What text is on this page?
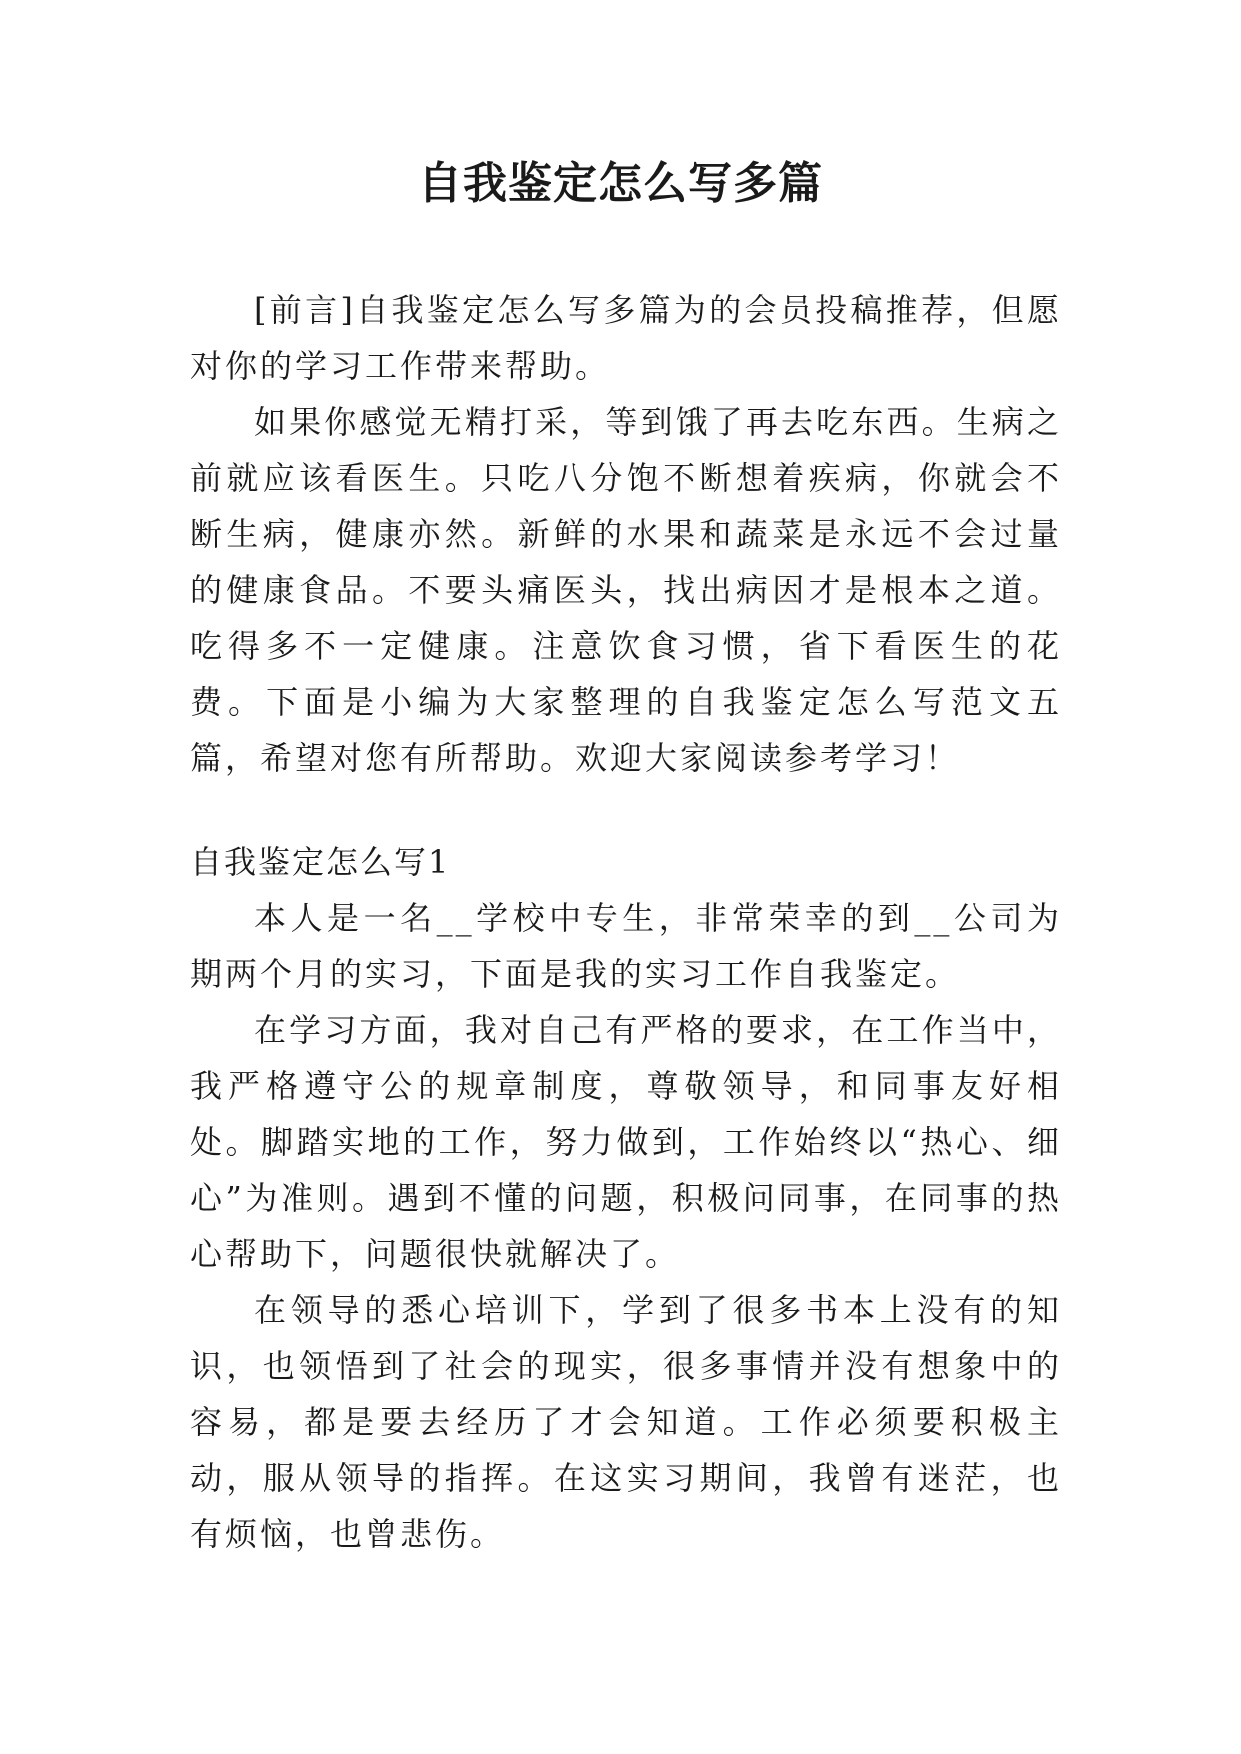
自我鉴定怎么写多篇

[前言]自我鉴定怎么写多篇为的会员投稿推荐，但愿对你的学习工作带来帮助。

如果你感觉无精打采，等到饿了再去吃东西。生病之前就应该看医生。只吃八分饱不断想着疾病，你就会不断生病，健康亦然。新鲜的水果和蔬菜是永远不会过量的健康食品。不要头痛医头，找出病因才是根本之道。吃得多不一定健康。注意饮食习惯，省下看医生的花费。下面是小编为大家整理的自我鉴定怎么写范文五篇，希望对您有所帮助。欢迎大家阅读参考学习！

自我鉴定怎么写1

本人是一名__学校中专生，非常荣幸的到__公司为期两个月的实习，下面是我的实习工作自我鉴定。

在学习方面，我对自己有严格的要求，在工作当中，我严格遵守公的规章制度，尊敬领导，和同事友好相处。脚踏实地的工作，努力做到，工作始终以“热心、细心”为准则。遇到不懂的问题，积极问同事，在同事的热心帮助下，问题很快就解决了。

在领导的悉心培训下，学到了很多书本上没有的知识，也领悟到了社会的现实，很多事情并没有想象中的容易，都是要去经历了才会知道。工作必须要积极主动，服从领导的指挥。在这实习期间，我曾有迷茫，也有烦恼，也曾悲伤。
